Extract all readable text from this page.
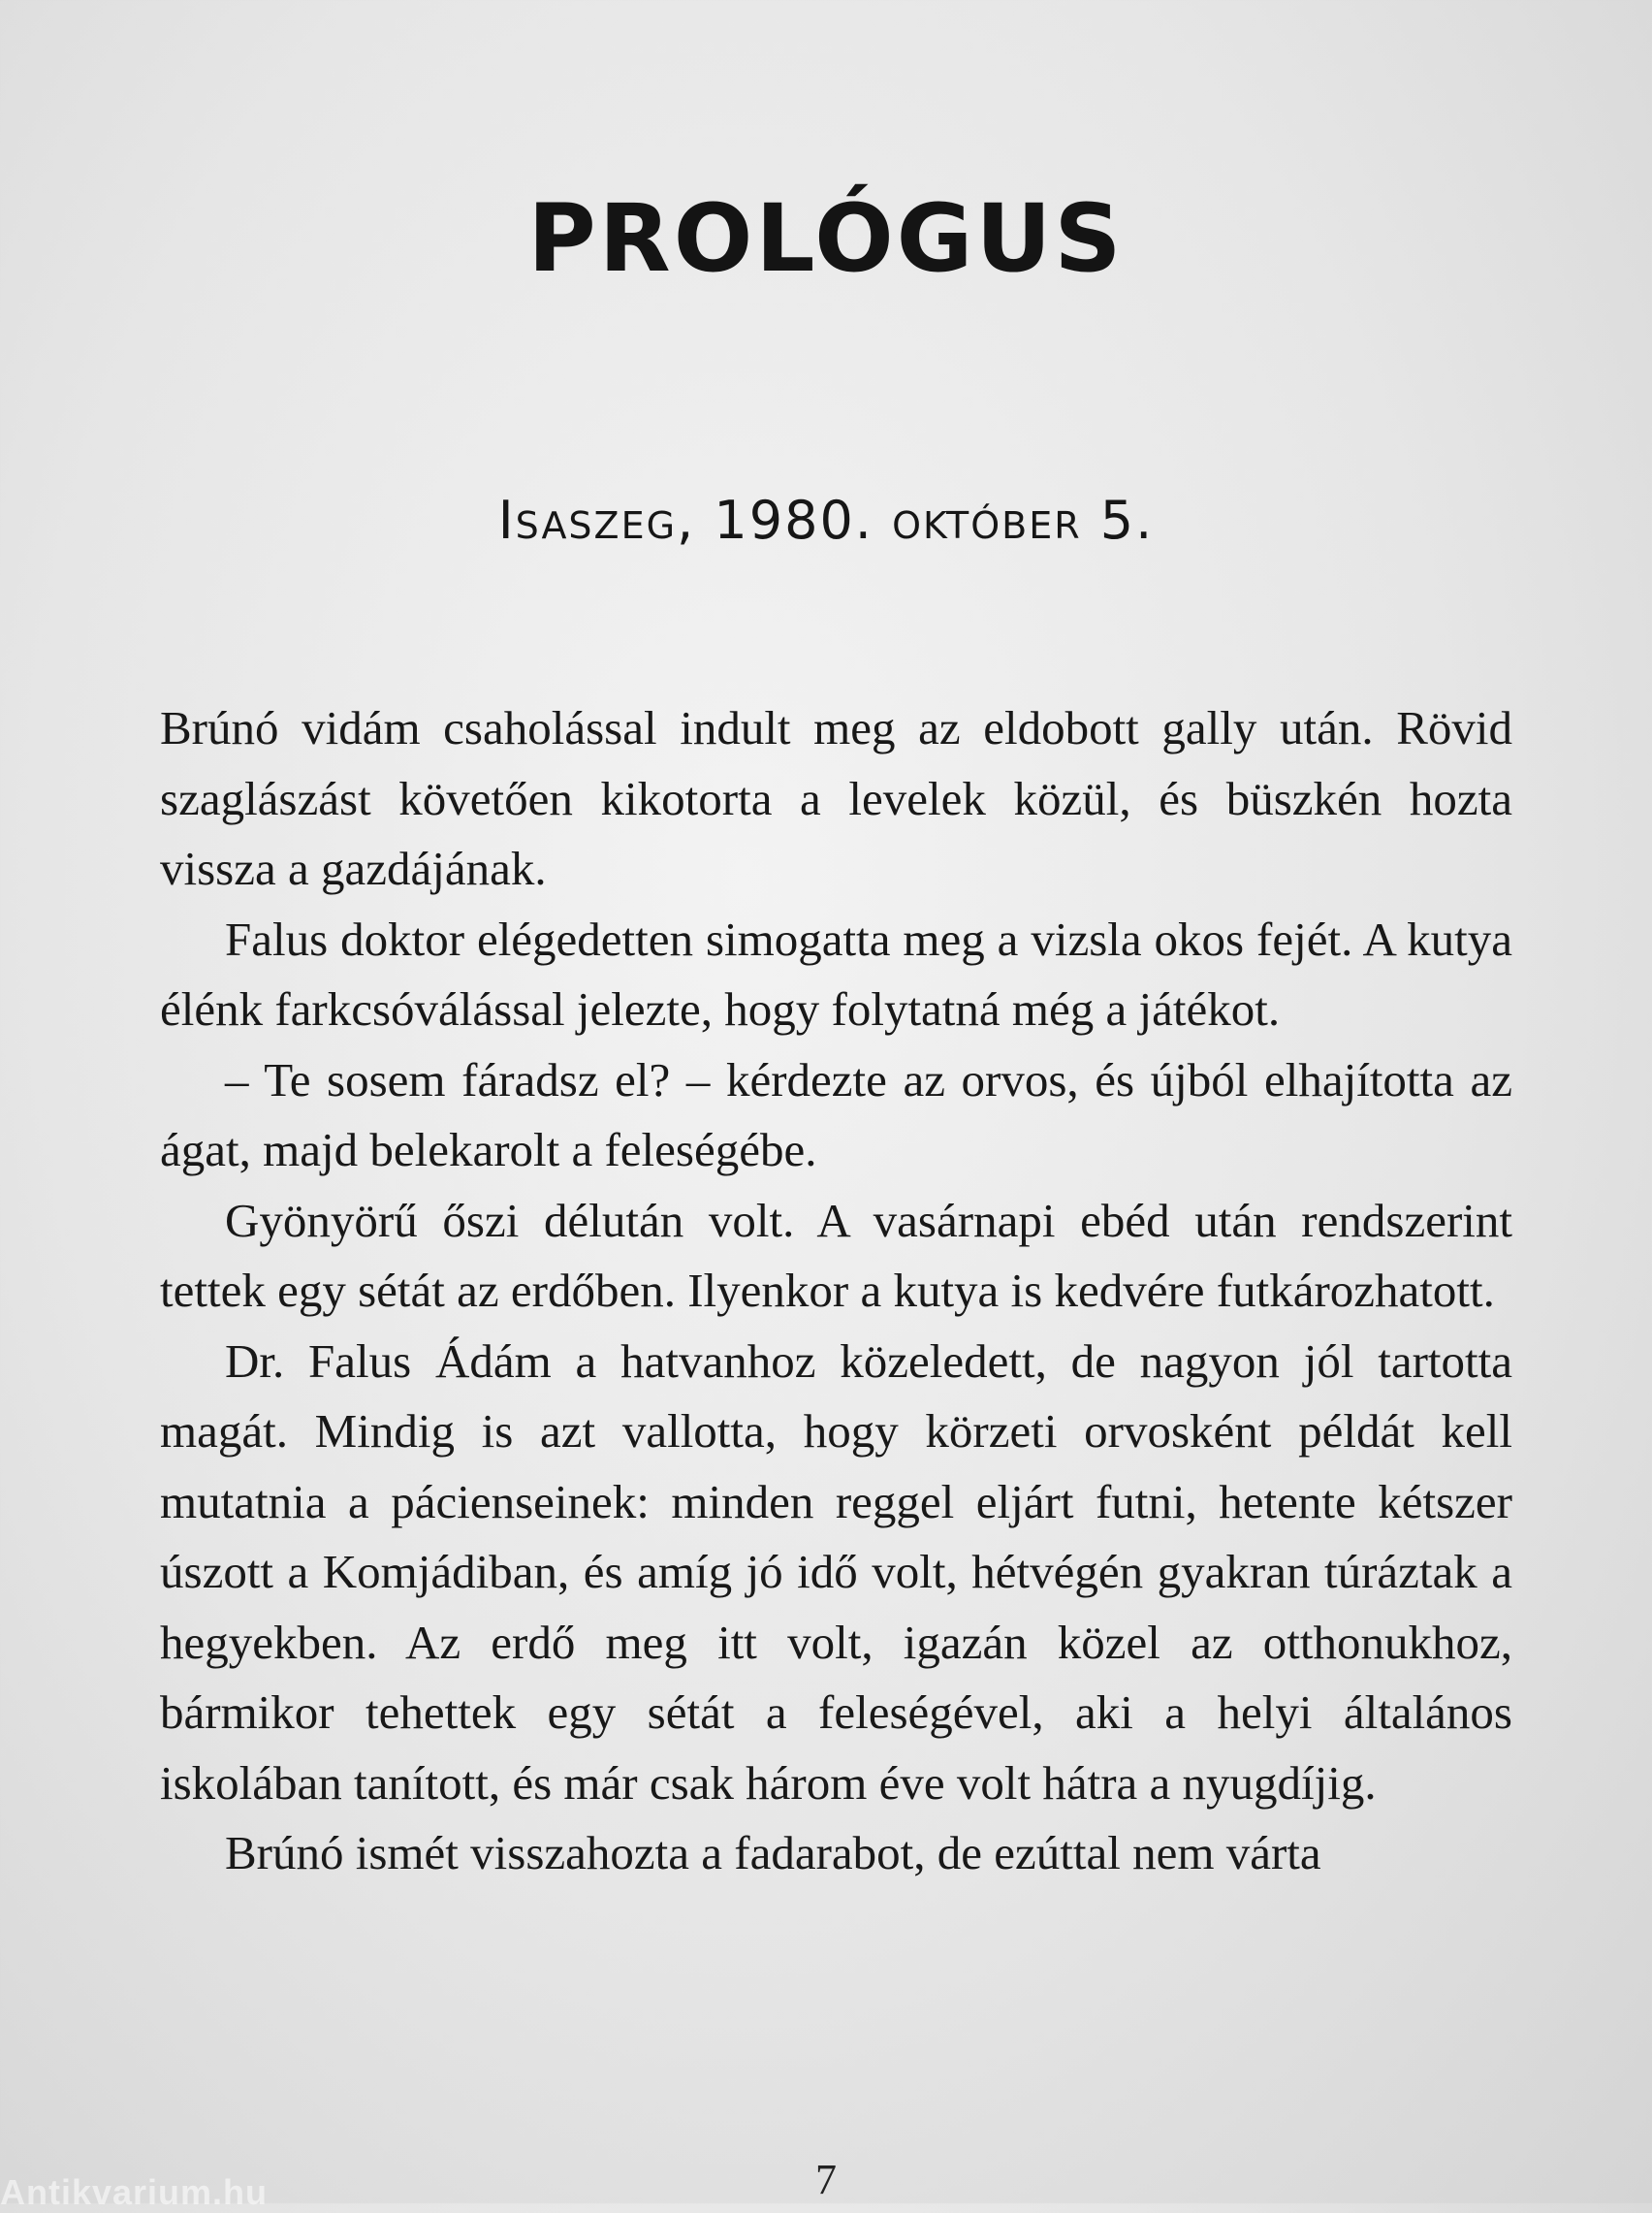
PROLÓGUS
Isaszeg, 1980. október 5.

Brúnó vidám csaholással indult meg az eldobott gally után. Rövid szaglászást követően kikotorta a levelek közül, és büszkén hozta vissza a gazdájának.

Falus doktor elégedetten simogatta meg a vizsla okos fejét. A kutya élénk farkcsóválással jelezte, hogy folytatná még a játékot.

– Te sosem fáradsz el? – kérdezte az orvos, és újból elhajította az ágat, majd belekarolt a feleségébe.

Gyönyörű őszi délután volt. A vasárnapi ebéd után rendszerint tettek egy sétát az erdőben. Ilyenkor a kutya is kedvére futkározhatott.

Dr. Falus Ádám a hatvanhoz közeledett, de nagyon jól tartotta magát. Mindig is azt vallotta, hogy körzeti orvosként példát kell mutatnia a pácienseinek: minden reggel eljárt futni, hetente kétszer úszott a Komjádiban, és amíg jó idő volt, hétvégén gyakran túráztak a hegyekben. Az erdő meg itt volt, igazán közel az otthonukhoz, bármikor tehettek egy sétát a feleségével, aki a helyi általános iskolában tanított, és már csak három éve volt hátra a nyugdíjig.

Brúnó ismét visszahozta a fadarabot, de ezúttal nem várta

7
Antikvarium.hu
